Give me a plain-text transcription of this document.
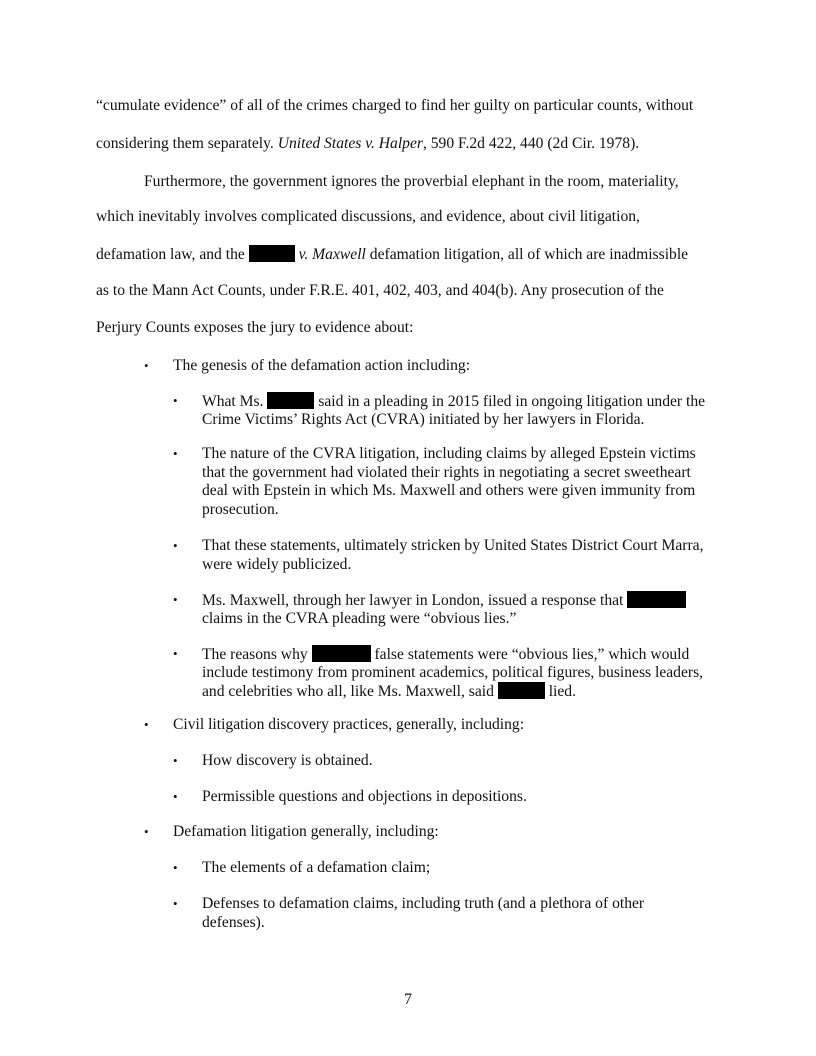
“cumulate evidence” of all of the crimes charged to find her guilty on particular counts, without

considering them separately. United States v. Halper, 590 F.2d 422, 440 (2d Cir. 1978).

Furthermore, the government ignores the proverbial elephant in the room, materiality,

which inevitably involves complicated discussions, and evidence, about civil litigation,

defamation law, and the	v. Maxwell defamation litigation, all of which are inadmissible

as to the Mann Act Counts, under F.R.E. 401, 402, 403, and 404(b). Any prosecution of the

Perjury Counts exposes the jury to evidence about:

• The genesis of the defamation action including:

• What Ms.	said in a pleading in 2015 filed in ongoing litigation under the

Crime Victims’ Rights Act (CVRA) initiated by her lawyers in Florida.

• The nature of the CVRA litigation, including claims by alleged Epstein victims

that the government had violated their rights in negotiating a secret sweetheart

deal with Epstein in which Ms. Maxwell and others were given immunity from

prosecution.

• That these statements, ultimately stricken by United States District Court Marra,

were widely publicized.

• Ms. Maxwell, through her lawyer in London, issued a response that

claims in the CVRA pleading were “obvious lies.”

• The reasons why	false statements were “obvious lies,” which would

include testimony from prominent academics, political figures, business leaders,

and celebrities who all, like Ms. Maxwell, said	lied.

• Civil litigation discovery practices, generally, including:

• How discovery is obtained.

• Permissible questions and objections in depositions.

• Defamation litigation generally, including:

• The elements of a defamation claim;

• Defenses to defamation claims, including truth (and a plethora of other

defenses).

7
